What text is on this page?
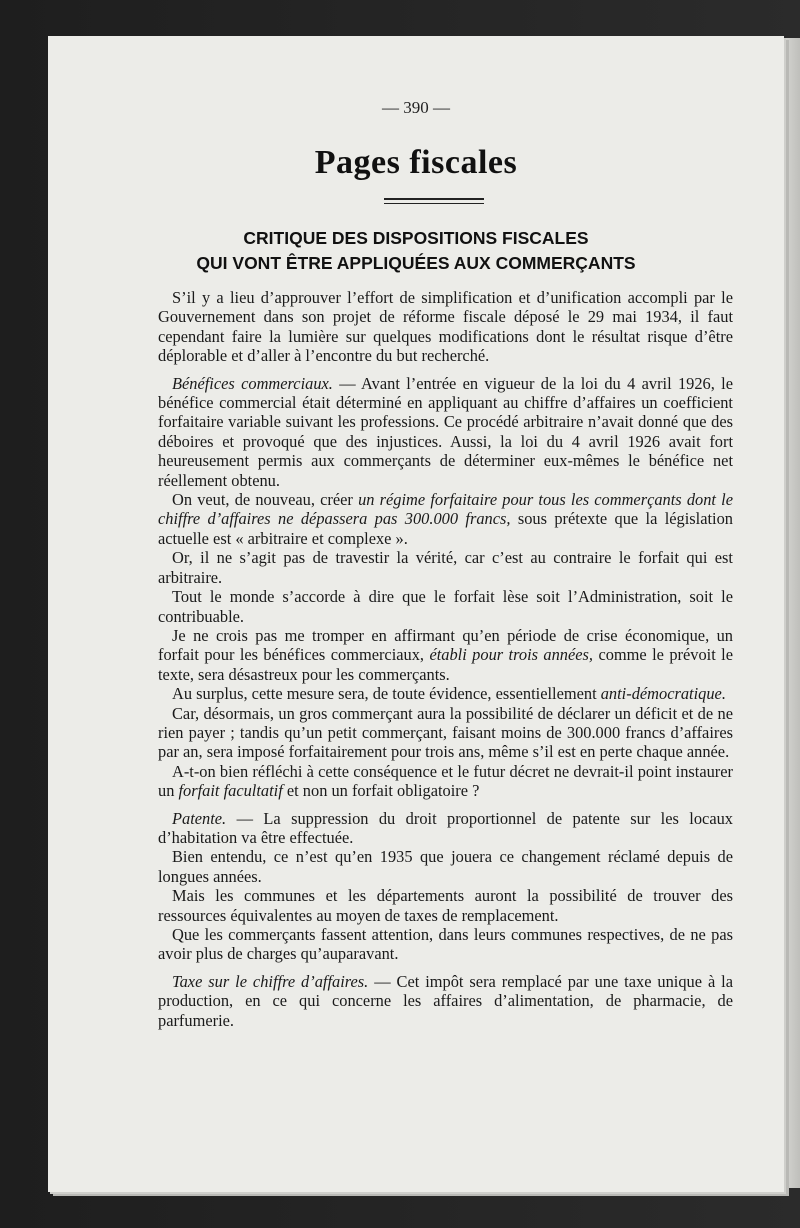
— 390 —
Pages fiscales
CRITIQUE DES DISPOSITIONS FISCALES
QUI VONT ÊTRE APPLIQUÉES AUX COMMERÇANTS

S’il y a lieu d’approuver l’effort de simplification et d’unification accompli par le Gouvernement dans son projet de réforme fiscale déposé le 29 mai 1934, il faut cependant faire la lumière sur quelques modifications dont le résultat risque d’être déplorable et d’aller à l’encontre du but recherché.

Bénéfices commerciaux. — Avant l’entrée en vigueur de la loi du 4 avril 1926, le bénéfice commercial était déterminé en appliquant au chiffre d’affaires un coefficient forfaitaire variable suivant les professions. Ce procédé arbitraire n’avait donné que des déboires et provoqué que des injustices. Aussi, la loi du 4 avril 1926 avait fort heureusement permis aux commerçants de déterminer eux-mêmes le bénéfice net réellement obtenu.

On veut, de nouveau, créer un régime forfaitaire pour tous les commerçants dont le chiffre d’affaires ne dépassera pas 300.000 francs, sous prétexte que la législation actuelle est « arbitraire et complexe ».

Or, il ne s’agit pas de travestir la vérité, car c’est au contraire le forfait qui est arbitraire.

Tout le monde s’accorde à dire que le forfait lèse soit l’Administration, soit le contribuable.

Je ne crois pas me tromper en affirmant qu’en période de crise économique, un forfait pour les bénéfices commerciaux, établi pour trois années, comme le prévoit le texte, sera désastreux pour les commerçants.

Au surplus, cette mesure sera, de toute évidence, essentiellement anti-démocratique.

Car, désormais, un gros commerçant aura la possibilité de déclarer un déficit et de ne rien payer ; tandis qu’un petit commerçant, faisant moins de 300.000 francs d’affaires par an, sera imposé forfaitairement pour trois ans, même s’il est en perte chaque année.

A-t-on bien réfléchi à cette conséquence et le futur décret ne devrait-il point instaurer un forfait facultatif et non un forfait obligatoire ?

Patente. — La suppression du droit proportionnel de patente sur les locaux d’habitation va être effectuée.

Bien entendu, ce n’est qu’en 1935 que jouera ce changement réclamé depuis de longues années.

Mais les communes et les départements auront la possibilité de trouver des ressources équivalentes au moyen de taxes de remplacement.

Que les commerçants fassent attention, dans leurs communes respectives, de ne pas avoir plus de charges qu’auparavant.

Taxe sur le chiffre d’affaires. — Cet impôt sera remplacé par une taxe unique à la production, en ce qui concerne les affaires d’alimentation, de pharmacie, de parfumerie.
